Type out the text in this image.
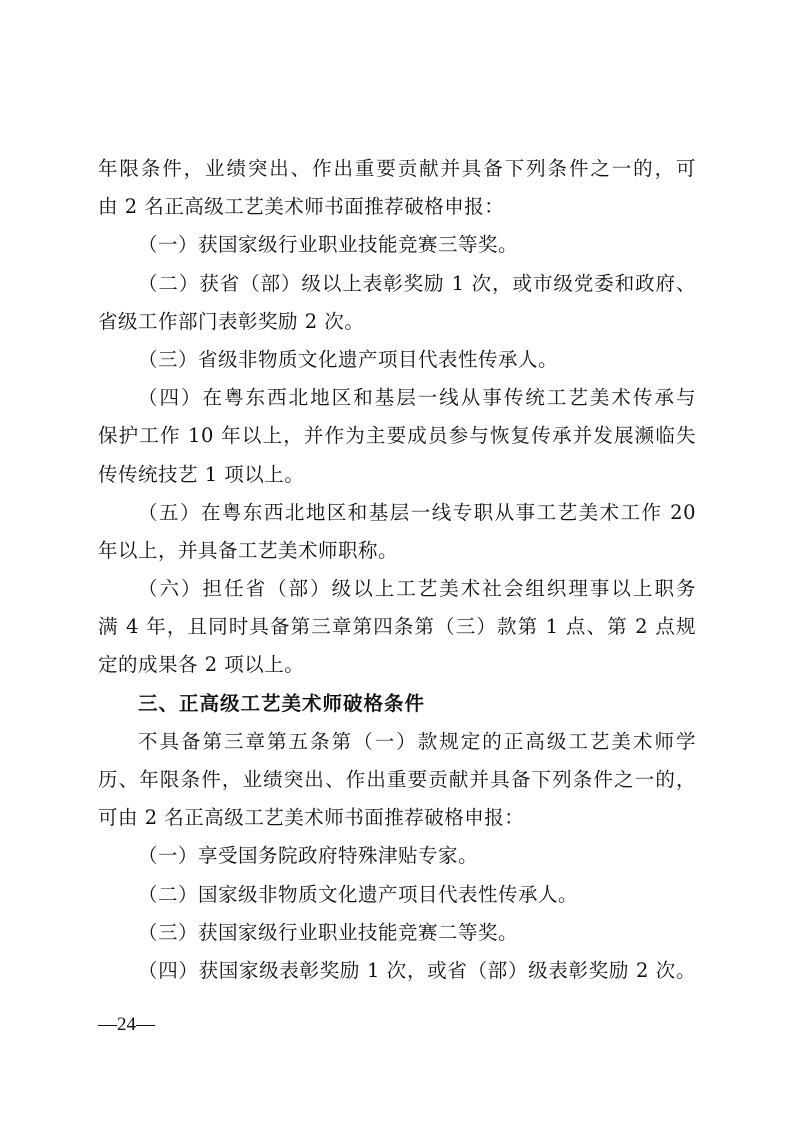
年限条件，业绩突出、作出重要贡献并具备下列条件之一的，可
由 2 名正高级工艺美术师书面推荐破格申报：
（一）获国家级行业职业技能竞赛三等奖。
（二）获省（部）级以上表彰奖励 1 次，或市级党委和政府、
省级工作部门表彰奖励 2 次。
（三）省级非物质文化遗产项目代表性传承人。
（四）在粤东西北地区和基层一线从事传统工艺美术传承与
保护工作 10 年以上，并作为主要成员参与恢复传承并发展濒临失
传传统技艺 1 项以上。
（五）在粤东西北地区和基层一线专职从事工艺美术工作 20
年以上，并具备工艺美术师职称。
（六）担任省（部）级以上工艺美术社会组织理事以上职务
满 4 年，且同时具备第三章第四条第（三）款第 1 点、第 2 点规
定的成果各 2 项以上。
三、正高级工艺美术师破格条件
不具备第三章第五条第（一）款规定的正高级工艺美术师学
历、年限条件，业绩突出、作出重要贡献并具备下列条件之一的，
可由 2 名正高级工艺美术师书面推荐破格申报：
（一）享受国务院政府特殊津贴专家。
（二）国家级非物质文化遗产项目代表性传承人。
（三）获国家级行业职业技能竞赛二等奖。
（四）获国家级表彰奖励 1 次，或省（部）级表彰奖励 2 次。
—24—
